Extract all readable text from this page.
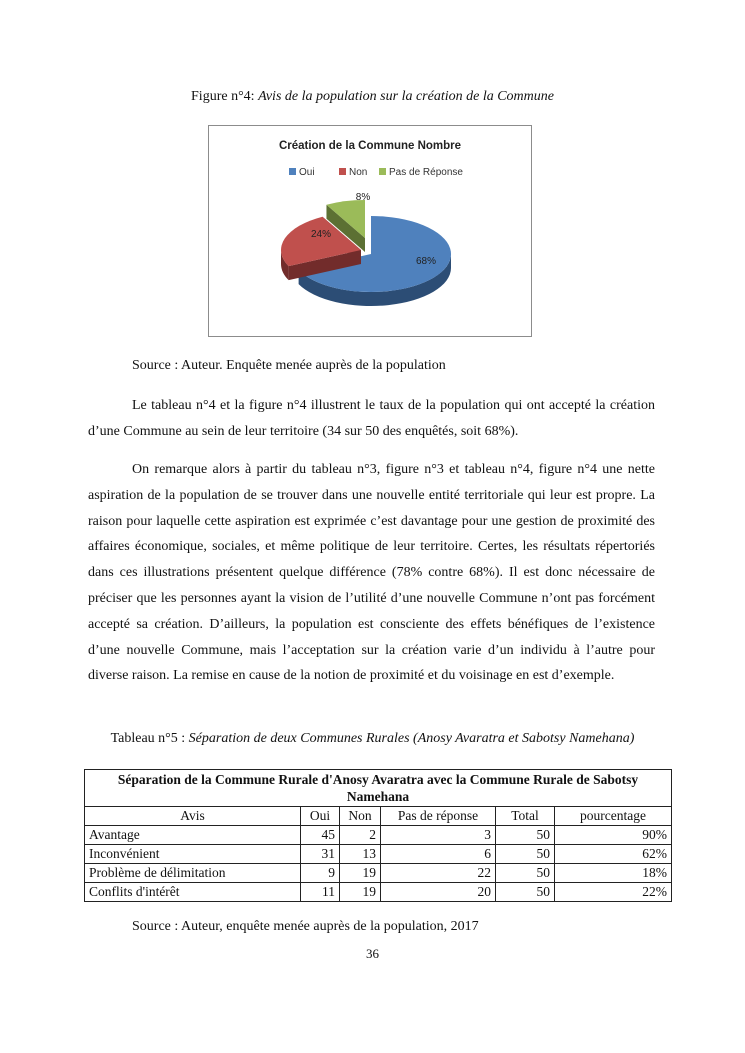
Figure n°4: Avis de la population sur la création de la Commune
Création de la Commune Nombre
Oui	Non Pas de Réponse
68%
24%
8%
Source : Auteur. Enquête menée auprès de la population

Le tableau n°4 et la figure n°4 illustrent le taux de la population qui ont accepté la création d’une Commune au sein de leur territoire (34 sur 50 des enquêtés, soit 68%).

On remarque alors à partir du tableau n°3, figure n°3 et tableau n°4, figure n°4 une nette aspiration de la population de se trouver dans une nouvelle entité territoriale qui leur est propre. La raison pour laquelle cette aspiration est exprimée c’est davantage pour une gestion de proximité des affaires économique, sociales, et même politique de leur territoire. Certes, les résultats répertoriés dans ces illustrations présentent quelque différence (78% contre 68%). Il est donc nécessaire de préciser que les personnes ayant la vision de l’utilité d’une nouvelle Commune n’ont pas forcément accepté sa création. D’ailleurs, la population est consciente des effets bénéfiques de l’existence d’une nouvelle Commune, mais l’acceptation sur la création varie d’un individu à l’autre pour diverse raison. La remise en cause de la notion de proximité et du voisinage en est d’exemple.

Tableau n°5 : Séparation de deux Communes Rurales (Anosy Avaratra et Sabotsy Namehana)
Séparation de la Commune Rurale d'Anosy Avaratra avec la Commune Rurale de Sabotsy Namehana					
Avis	Oui	Non	Pas de réponse	Total	pourcentage
Avantage	45	2	3	50	90%
Inconvénient	31	13	6	50	62%
Problème de délimitation	9	19	22	50	18%
Conflits d'intérêt	11	19	20	50	22%
Source : Auteur, enquête menée auprès de la population, 2017
36
